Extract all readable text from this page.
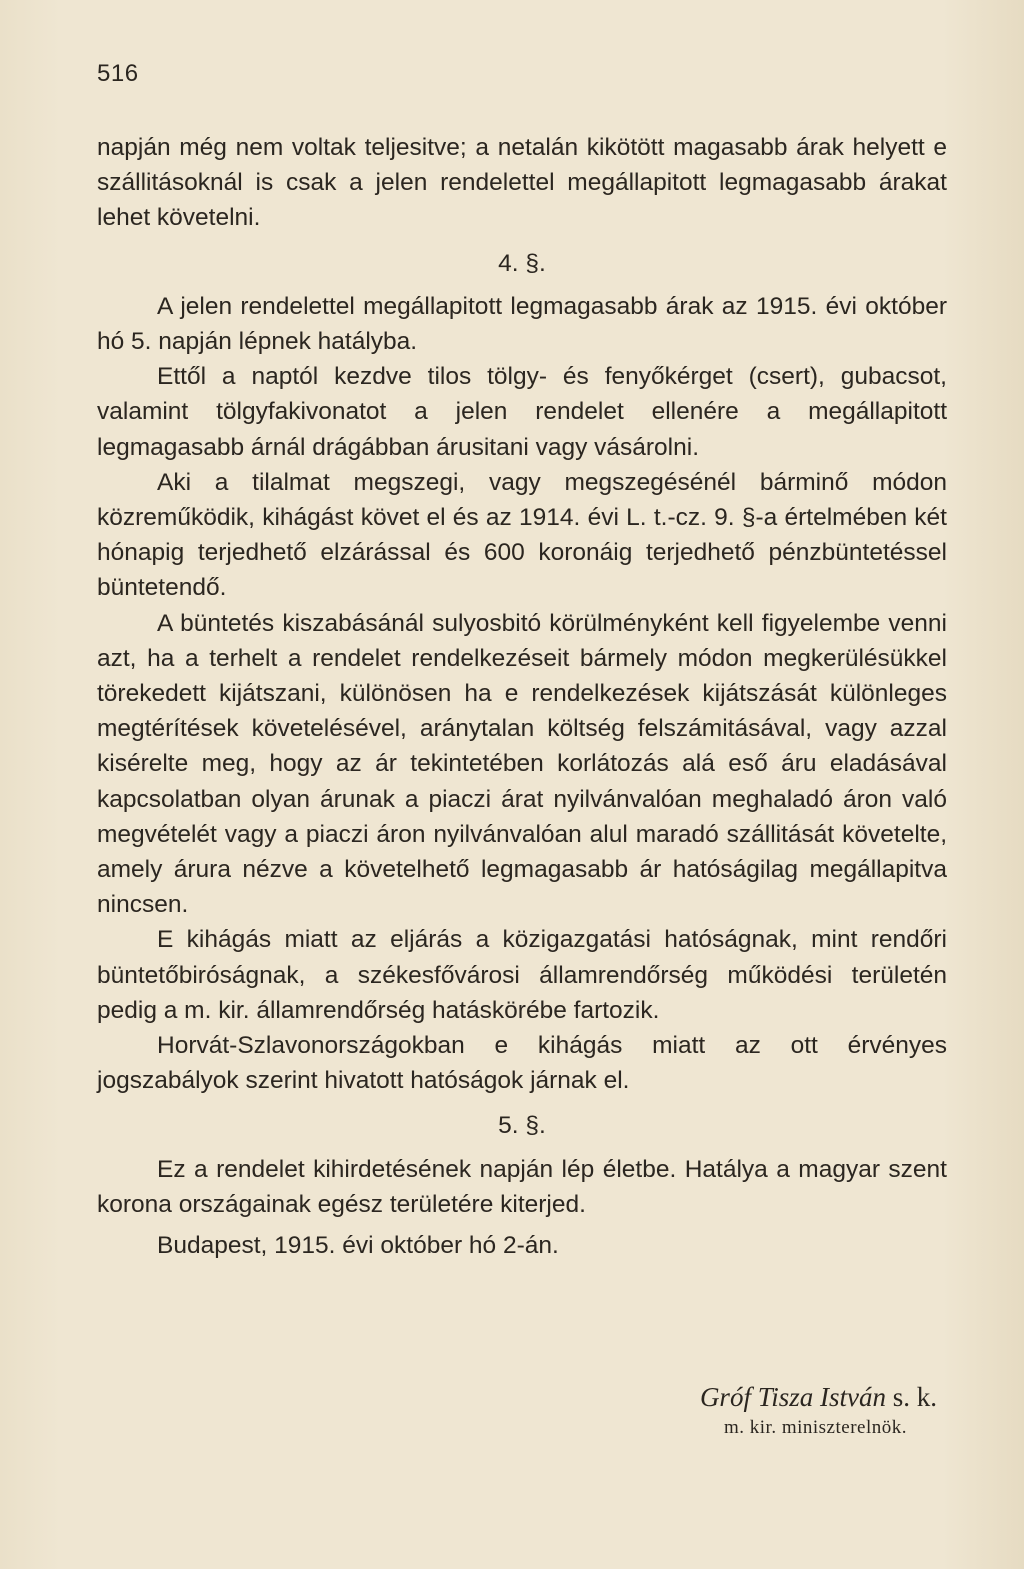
516

napján még nem voltak teljesitve; a netalán kikötött magasabb árak helyett e szállitásoknál is csak a jelen rendelettel megállapitott legmagasabb árakat lehet követelni.

4. §.

A jelen rendelettel megállapitott legmagasabb árak az 1915. évi október hó 5. napján lépnek hatályba.

Ettől a naptól kezdve tilos tölgy- és fenyőkérget (csert), gubacsot, valamint tölgyfakivonatot a jelen rendelet ellenére a megállapitott legmagasabb árnál drágábban árusitani vagy vásárolni.

Aki a tilalmat megszegi, vagy megszegésénél bárminő módon közreműködik, kihágást követ el és az 1914. évi L. t.-cz. 9. §-a értelmében két hónapig terjedhető elzárással és 600 koronáig terjedhető pénzbüntetéssel büntetendő.

A büntetés kiszabásánál sulyosbitó körülményként kell figyelembe venni azt, ha a terhelt a rendelet rendelkezéseit bármely módon megkerülésükkel törekedett kijátszani, különösen ha e rendelkezések kijátszását különleges megtérítések követelésével, aránytalan költség felszámitásával, vagy azzal kisérelte meg, hogy az ár tekintetében korlátozás alá eső áru eladásával kapcsolatban olyan árunak a piaczi árat nyilvánvalóan meghaladó áron való megvételét vagy a piaczi áron nyilvánvalóan alul maradó szállitását követelte, amely árura nézve a követelhető legmagasabb ár hatóságilag megállapitva nincsen.

E kihágás miatt az eljárás a közigazgatási hatóságnak, mint rendőri büntetőbiróságnak, a székesfővárosi államrendőrség működési területén pedig a m. kir. államrendőrség hatáskörébe fartozik.

Horvát-Szlavonországokban e kihágás miatt az ott érvényes jogszabályok szerint hivatott hatóságok járnak el.

5. §.

Ez a rendelet kihirdetésének napján lép életbe. Hatálya a magyar szent korona országainak egész területére kiterjed.

Budapest, 1915. évi október hó 2-án.

Gróf Tisza István s. k.
m. kir. miniszterelnök.
